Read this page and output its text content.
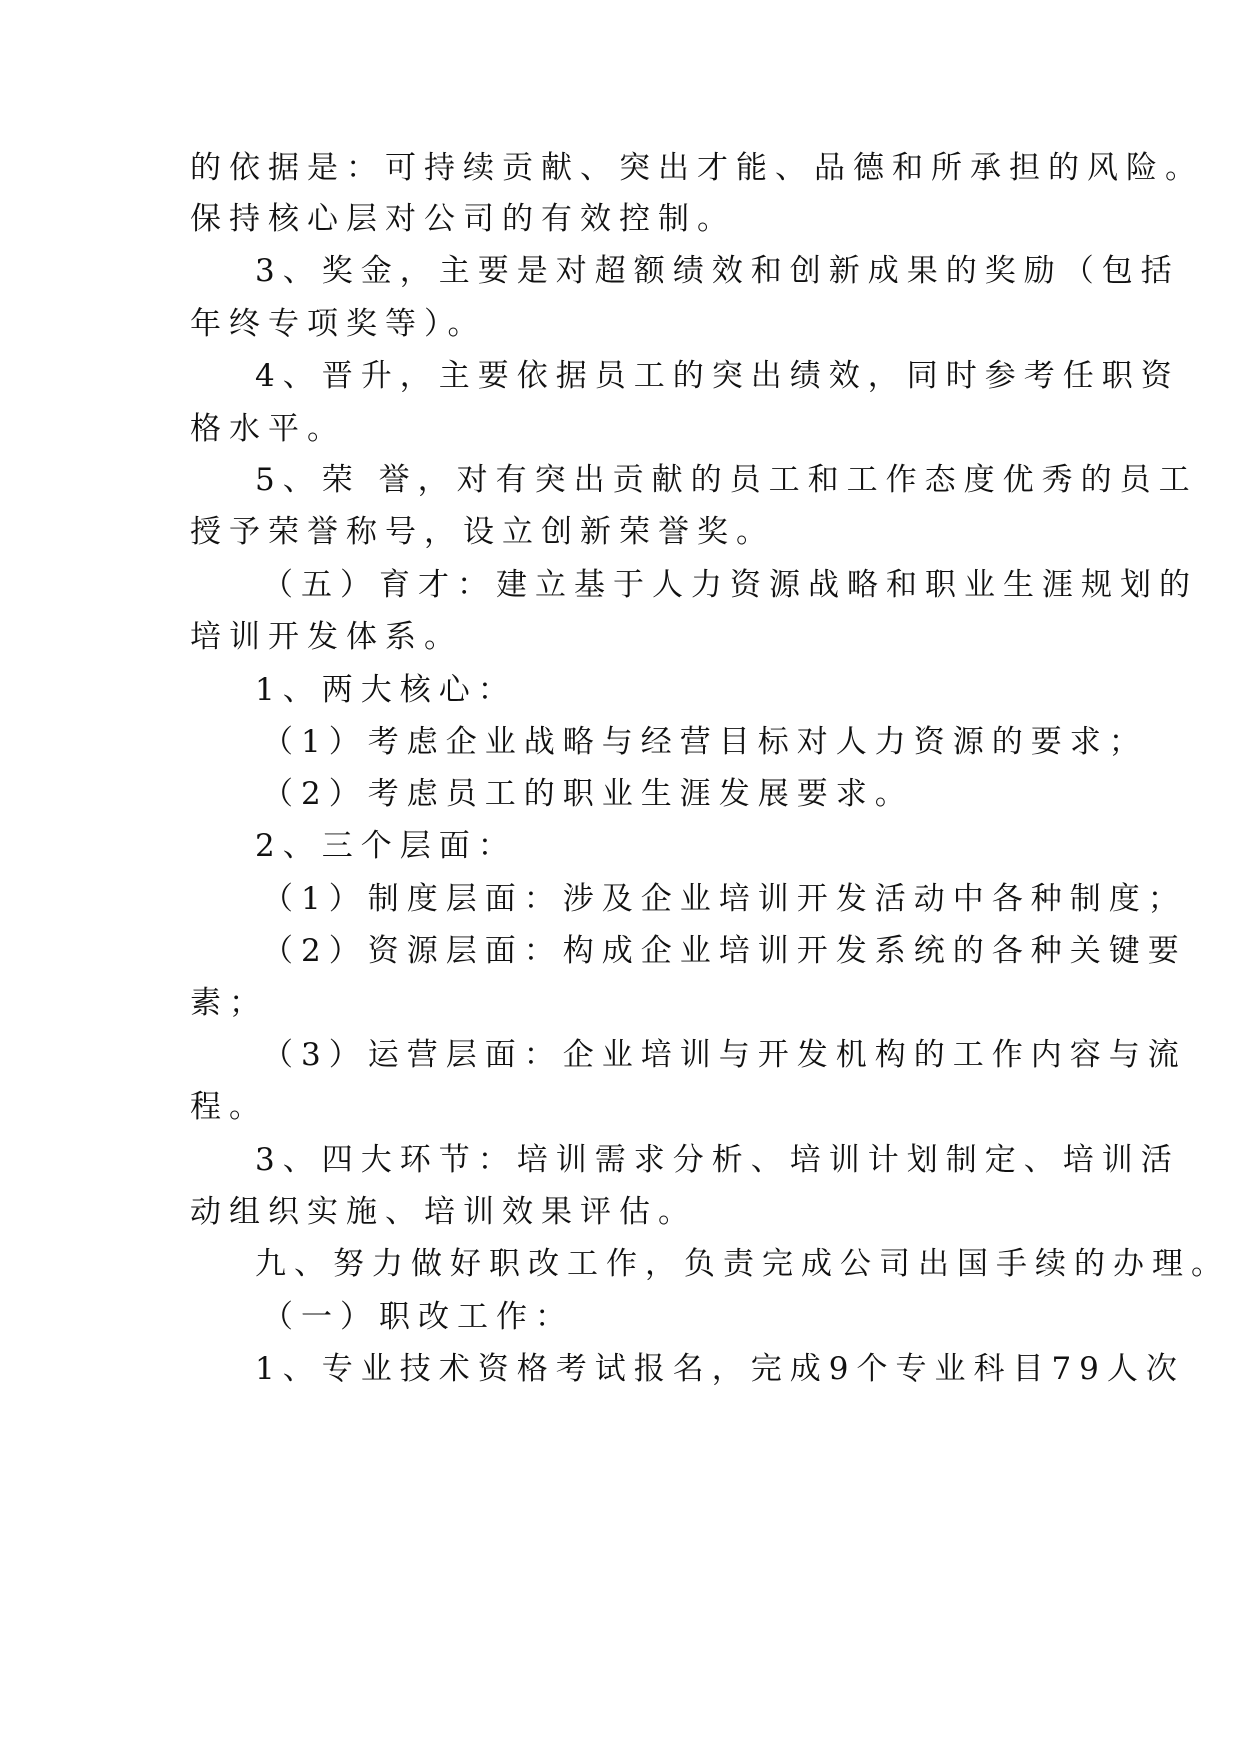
的依据是：可持续贡献、突出才能、品德和所承担的风险。
保持核心层对公司的有效控制。
3、奖金，主要是对超额绩效和创新成果的奖励（包括
年终专项奖等）。
4、晋升，主要依据员工的突出绩效，同时参考任职资
格水平。
5、荣 誉，对有突出贡献的员工和工作态度优秀的员工
授予荣誉称号，设立创新荣誉奖。
（五）育才：建立基于人力资源战略和职业生涯规划的
培训开发体系。
1、两大核心：
（1）考虑企业战略与经营目标对人力资源的要求；
（2）考虑员工的职业生涯发展要求。
2、三个层面：
（1）制度层面：涉及企业培训开发活动中各种制度；
（2）资源层面：构成企业培训开发系统的各种关键要
素；
（3）运营层面：企业培训与开发机构的工作内容与流
程。
3、四大环节：培训需求分析、培训计划制定、培训活
动组织实施、培训效果评估。
九、努力做好职改工作，负责完成公司出国手续的办理。
（一）职改工作：
1、专业技术资格考试报名，完成9个专业科目79人次
